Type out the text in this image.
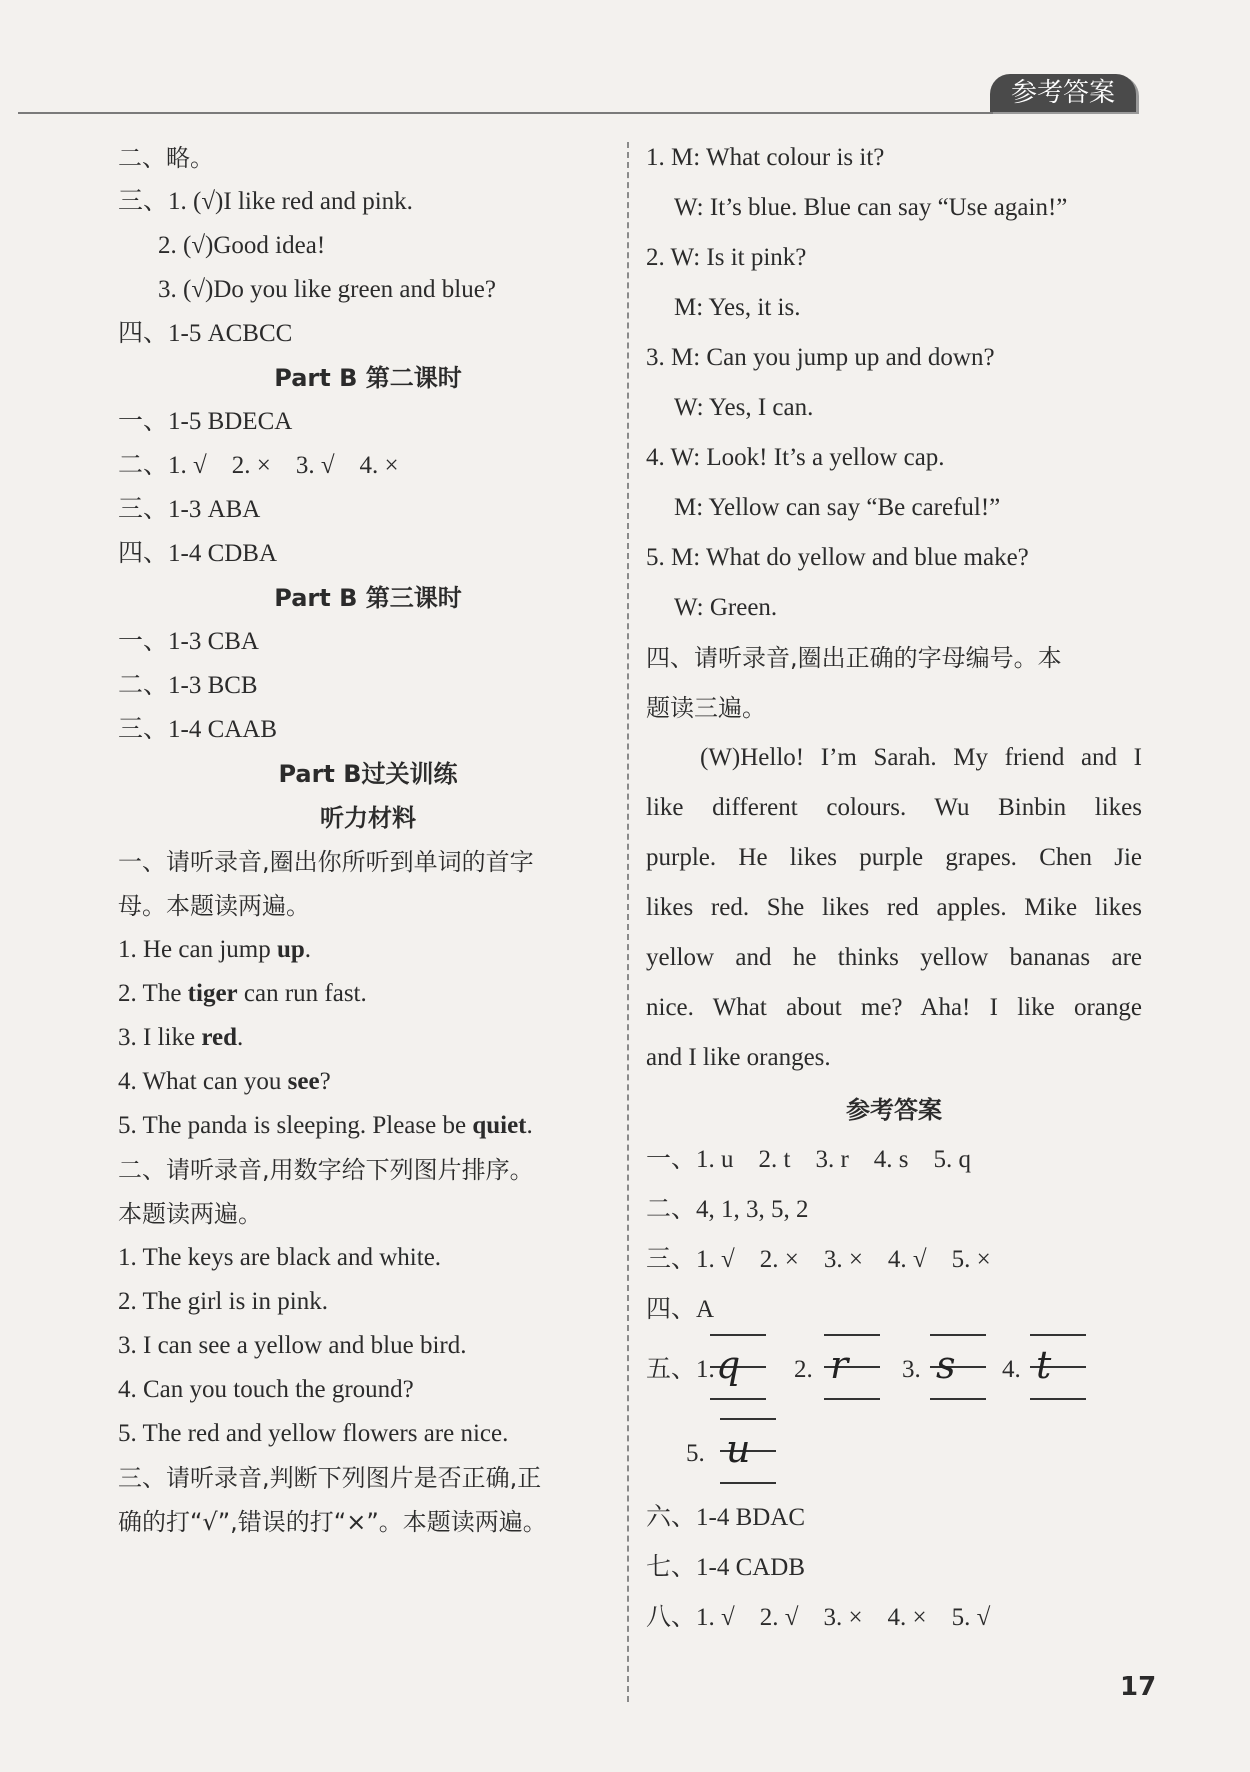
参考答案
二、略。
三、1. (√)I like red and pink.
2. (√)Good idea!
3. (√)Do you like green and blue?
四、1-5 ACBCC
Part B 第二课时
一、1-5 BDECA
二、1. √　2. ×　3. √　4. ×
三、1-3 ABA
四、1-4 CDBA
Part B 第三课时
一、1-3 CBA
二、1-3 BCB
三、1-4 CAAB
Part B过关训练
听力材料
一、请听录音,圈出你所听到单词的首字
母。本题读两遍。
1. He can jump up.
2. The tiger can run fast.
3. I like red.
4. What can you see?
5. The panda is sleeping. Please be quiet.
二、请听录音,用数字给下列图片排序。
本题读两遍。
1. The keys are black and white.
2. The girl is in pink.
3. I can see a yellow and blue bird.
4. Can you touch the ground?
5. The red and yellow flowers are nice.
三、请听录音,判断下列图片是否正确,正
确的打“√”,错误的打“×”。本题读两遍。
1. M: What colour is it?
W: It’s blue. Blue can say “Use again!”
2. W: Is it pink?
M: Yes, it is.
3. M: Can you jump up and down?
W: Yes, I can.
4. W: Look! It’s a yellow cap.
M: Yellow can say “Be careful!”
5. M: What do yellow and blue make?
W: Green.
四、请听录音,圈出正确的字母编号。本
题读三遍。
(W)Hello! I’m Sarah. My friend and I
like different colours. Wu Binbin likes
purple. He likes purple grapes. Chen Jie
likes red. She likes red apples. Mike likes
yellow and he thinks yellow bananas are
nice. What about me? Aha! I like orange
and I like oranges.
参考答案
一、1. u　2. t　3. r　4. s　5. q
二、4, 1, 3, 5, 2
三、1. √　2. ×　3. ×　4. √　5. ×
四、A
五、1. q 2. r 3. s 4. t
5. u
六、1-4 BDAC
七、1-4 CADB
八、1. √　2. √　3. ×　4. ×　5. √
17
